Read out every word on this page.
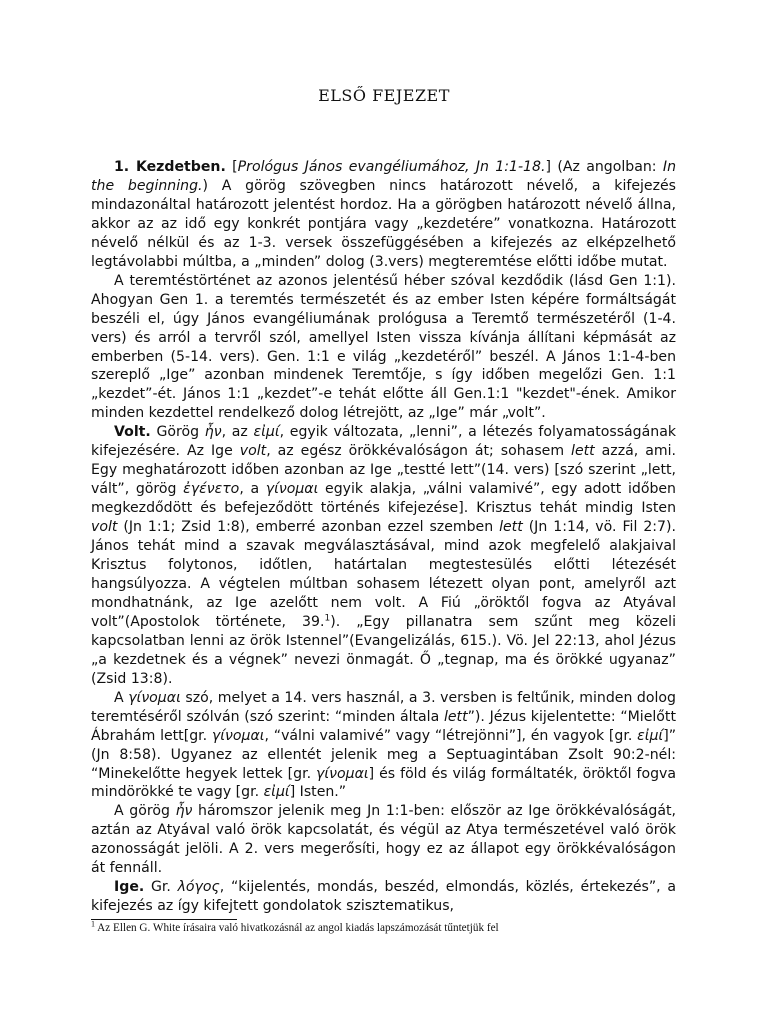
ELSŐ FEJEZET

1. Kezdetben. [Prológus János evangéliumához, Jn 1:1-18.] (Az angolban: In the beginning.) A görög szövegben nincs határozott névelő, a kifejezés mindazonáltal határozott jelentést hordoz. Ha a görögben határozott névelő állna, akkor az az idő egy konkrét pontjára vagy „kezdetére” vonatkozna. Határozott névelő nélkül és az 1-3. versek összefüggésében a kifejezés az elképzelhető legtávolabbi múltba, a „minden” dolog (3.vers) megteremtése előtti időbe mutat.

A teremtéstörténet az azonos jelentésű héber szóval kezdődik (lásd Gen 1:1). Ahogyan Gen 1. a teremtés természetét és az ember Isten képére formáltságát beszéli el, úgy János evangéliumának prológusa a Teremtő természetéről (1-4. vers) és arról a tervről szól, amellyel Isten vissza kívánja állítani képmását az emberben (5-14. vers). Gen. 1:1 e világ „kezdetéről” beszél. A János 1:1-4-ben szereplő „Ige” azonban mindenek Teremtője, s így időben megelőzi Gen. 1:1 „kezdet”-ét. János 1:1 „kezdet”-e tehát előtte áll Gen.1:1 "kezdet"-ének. Amikor minden kezdettel rendelkező dolog létrejött, az „Ige” már „volt”.

Volt. Görög ἦν, az εἰμί, egyik változata, „lenni”, a létezés folyamatosságának kifejezésére. Az Ige volt, az egész örökkévalóságon át; sohasem lett azzá, ami. Egy meghatározott időben azonban az Ige „testté lett”(14. vers) [szó szerint „lett, vált”, görög ἐγένετο, a γίνομαι egyik alakja, „válni valamivé”, egy adott időben megkezdődött és befejeződött történés kifejezése]. Krisztus tehát mindig Isten volt (Jn 1:1; Zsid 1:8), emberré azonban ezzel szemben lett (Jn 1:14, vö. Fil 2:7). János tehát mind a szavak megválasztásával, mind azok megfelelő alakjaival Krisztus folytonos, időtlen, határtalan megtestesülés előtti létezését hangsúlyozza. A végtelen múltban sohasem létezett olyan pont, amelyről azt mondhatnánk, az Ige azelőtt nem volt. A Fiú „öröktől fogva az Atyával volt”(Apostolok története, 39.$^1$). „Egy pillanatra sem szűnt meg közeli kapcsolatban lenni az örök Istennel”(Evangelizálás, 615.). Vö. Jel 22:13, ahol Jézus „a kezdetnek és a végnek” nevezi önmagát. Ő „tegnap, ma és örökké ugyanaz” (Zsid 13:8).

A γίνομαι szó, melyet a 14. vers használ, a 3. versben is feltűnik, minden dolog teremtéséről szólván (szó szerint: “minden általa lett”). Jézus kijelentette: “Mielőtt Ábrahám lett[gr. γίνομαι, “válni valamivé” vagy “létrejönni”], én vagyok [gr. εἰμί]” (Jn 8:58). Ugyanez az ellentét jelenik meg a Septuagintában Zsolt 90:2-nél: “Minekelőtte hegyek lettek [gr. γίνομαι] és föld és világ formáltaték, öröktől fogva mindörökké te vagy [gr. εἰμί] Isten.”

A görög ἦν háromszor jelenik meg Jn 1:1-ben: először az Ige örökkévalóságát, aztán az Atyával való örök kapcsolatát, és végül az Atya természetével való örök azonosságát jelöli. A 2. vers megerősíti, hogy ez az állapot egy örökkévalóságon át fennáll.

Ige. Gr. λόγος, “kijelentés, mondás, beszéd, elmondás, közlés, értekezés”, a kifejezés az így kifejtett gondolatok szisztematikus,

$^1$ Az Ellen G. White írásaira való hivatkozásnál az angol kiadás lapszámozását tűntetjük fel
